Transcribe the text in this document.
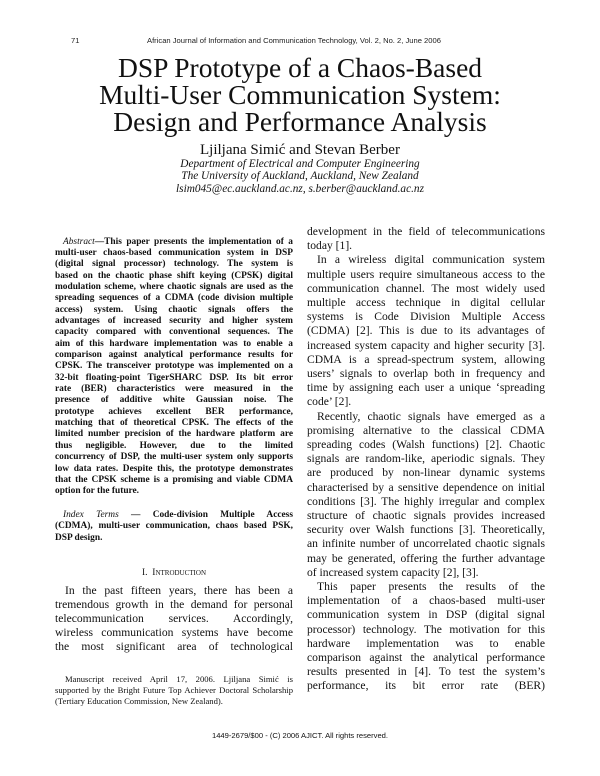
71	African Journal of Information and Communication Technology, Vol. 2, No. 2, June 2006
DSP Prototype of a Chaos-Based
Multi-User Communication System:
Design and Performance Analysis
Ljiljana Simić and Stevan Berber
Department of Electrical and Computer Engineering
The University of Auckland, Auckland, New Zealand
lsim045@ec.auckland.ac.nz, s.berber@auckland.ac.nz
Abstract—This paper presents the implementation of a
multi-user chaos-based communication system in DSP
(digital signal processor) technology. The system is
based on the chaotic phase shift keying (CPSK) digital
modulation scheme, where chaotic signals are used as the
spreading sequences of a CDMA (code division multiple
access) system. Using chaotic signals offers the
advantages of increased security and higher system
capacity compared with conventional sequences. The
aim of this hardware implementation was to enable a
comparison against analytical performance results for
CPSK. The transceiver prototype was implemented on a
32-bit floating-point TigerSHARC DSP. Its bit error
rate (BER) characteristics were measured in the
presence of additive white Gaussian noise. The
prototype achieves excellent BER performance,
matching that of theoretical CPSK. The effects of the
limited number precision of the hardware platform are
thus negligible. However, due to the limited
concurrency of DSP, the multi-user system only supports
low data rates. Despite this, the prototype demonstrates
that the CPSK scheme is a promising and viable CDMA
option for the future.
Index Terms — Code-division Multiple Access
(CDMA), multi-user communication, chaos based PSK,
DSP design.
I. Introduction
In the past fifteen years, there has been a
tremendous growth in the demand for personal
telecommunication services. Accordingly,
wireless communication systems have become
the most significant area of technological
Manuscript received April 17, 2006. Ljiljana Simić is
supported by the Bright Future Top Achiever Doctoral Scholarship
(Tertiary Education Commission, New Zealand).
development in the field of telecommunications
today [1].
In a wireless digital communication system
multiple users require simultaneous access to the
communication channel. The most widely used
multiple access technique in digital cellular
systems is Code Division Multiple Access
(CDMA) [2]. This is due to its advantages of
increased system capacity and higher security [3].
CDMA is a spread-spectrum system, allowing
users’ signals to overlap both in frequency and
time by assigning each user a unique ‘spreading
code’ [2].
Recently, chaotic signals have emerged as a
promising alternative to the classical CDMA
spreading codes (Walsh functions) [2]. Chaotic
signals are random-like, aperiodic signals. They
are produced by non-linear dynamic systems
characterised by a sensitive dependence on initial
conditions [3]. The highly irregular and complex
structure of chaotic signals provides increased
security over Walsh functions [3]. Theoretically,
an infinite number of uncorrelated chaotic signals
may be generated, offering the further advantage
of increased system capacity [2], [3].
This paper presents the results of the
implementation of a chaos-based multi-user
communication system in DSP (digital signal
processor) technology. The motivation for this
hardware implementation was to enable
comparison against the analytical performance
results presented in [4]. To test the system’s
performance, its bit error rate (BER)
1449-2679/$00 - (C) 2006 AJICT. All rights reserved.
